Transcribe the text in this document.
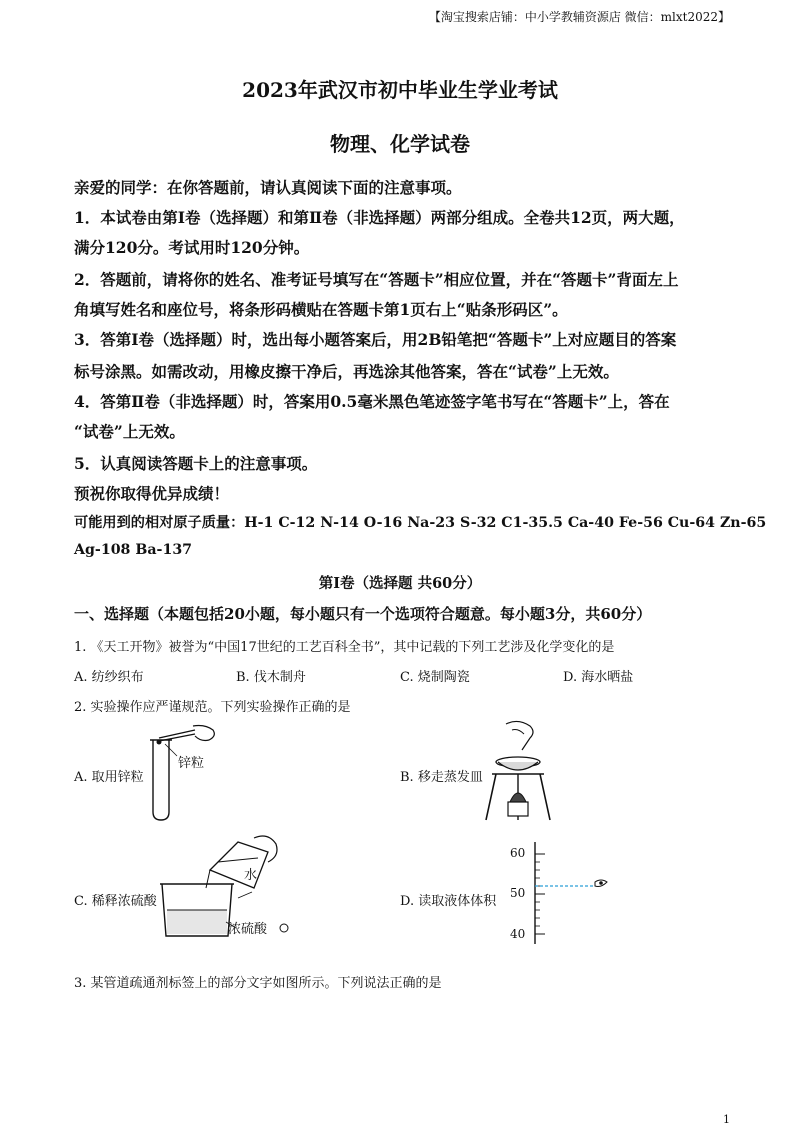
【淘宝搜索店铺：中小学教辅资源店 微信：mlxt2022】
2023年武汉市初中毕业生学业考试
物理、化学试卷
亲爱的同学：在你答题前，请认真阅读下面的注意事项。
1．本试卷由第Ⅰ卷（选择题）和第Ⅱ卷（非选择题）两部分组成。全卷共12页，两大题，
满分120分。考试用时120分钟。
2．答题前，请将你的姓名、准考证号填写在“答题卡”相应位置，并在“答题卡”背面左上
角填写姓名和座位号，将条形码横贴在答题卡第1页右上“贴条形码区”。
3．答第Ⅰ卷（选择题）时，选出每小题答案后，用2B铅笔把“答题卡”上对应题目的答案
标号涂黑。如需改动，用橡皮擦干净后，再选涂其他答案，答在“试卷”上无效。
4．答第Ⅱ卷（非选择题）时，答案用0.5毫米黑色笔迹签字笔书写在“答题卡”上，答在
“试卷”上无效。
5．认真阅读答题卡上的注意事项。
预祝你取得优异成绩！
可能用到的相对原子质量：H-1 C-12 N-14 O-16 Na-23 S-32 C1-35.5 Ca-40 Fe-56 Cu-64 Zn-65
Ag-108 Ba-137
第Ⅰ卷（选择题 共60分）
一、选择题（本题包括20小题，每小题只有一个选项符合题意。每小题3分，共60分）
1. 《天工开物》被誉为“中国17世纪的工艺百科全书”，其中记载的下列工艺涉及化学变化的是
A. 纺纱织布	B. 伐木制舟	C. 烧制陶瓷	D. 海水晒盐
2. 实验操作应严谨规范。下列实验操作正确的是
A. 取用锌粒
锌粒
B. 移走蒸发皿
C. 稀释浓硫酸
水
浓硫酸
D. 读取液体体积
60
50
40
3. 某管道疏通剂标签上的部分文字如图所示。下列说法正确的是
1
